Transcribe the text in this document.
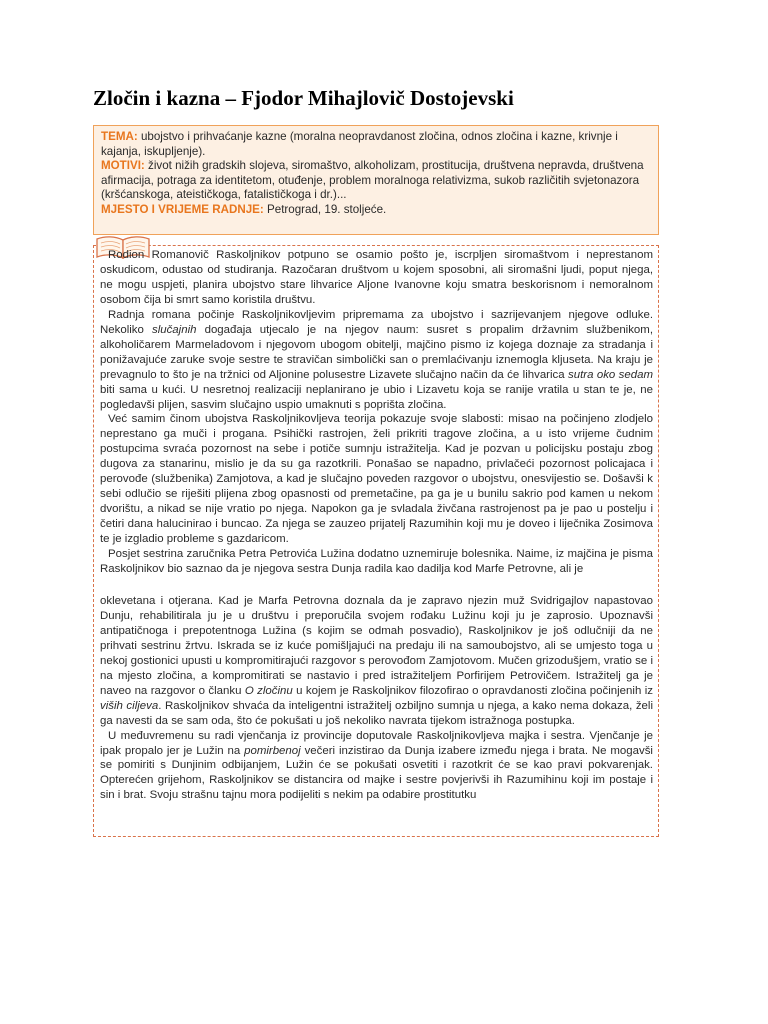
Zločin i kazna – Fjodor Mihajlovič Dostojevski

TEMA: ubojstvo i prihvaćanje kazne (moralna neopravdanost zločina, odnos zločina i kazne, krivnje i kajanja, iskupljenje).

MOTIVI: život nižih gradskih slojeva, siromaštvo, alkoholizam, prostitucija, društvena nepravda, društvena afirmacija, potraga za identitetom, otuđenje, problem moralnoga relativizma, sukob različitih svjetonazora (kršćanskoga, ateističkoga, fatalističkoga i dr.)...

MJESTO I VRIJEME RADNJE: Petrograd, 19. stoljeće.

Rodion Romanovič Raskoljnikov potpuno se osamio pošto je, iscrpljen siromaštvom i neprestanom oskudicom, odustao od studiranja. Razočaran društvom u kojem sposobni, ali siromašni ljudi, poput njega, ne mogu uspjeti, planira ubojstvo stare lihvarice Aljone Ivanovne koju smatra beskorisnom i nemoralnom osobom čija bi smrt samo koristila društvu.

Radnja romana počinje Raskoljnikovljevim pripremama za ubojstvo i sazrijevanjem njegove odluke. Nekoliko slučajnih događaja utjecalo je na njegov naum: susret s propalim državnim službenikom, alkoholičarem Marmeladovom i njegovom ubogom obitelji, majčino pismo iz kojega doznaje za stradanja i ponižavajuće zaruke svoje sestre te stravičan simbolički san o premlaćivanju iznemogla kljuseta. Na kraju je prevagnulo to što je na tržnici od Aljonine polusestre Lizavete slučajno način da će lihvarica sutra oko sedam biti sama u kući. U nesretnoj realizaciji neplanirano je ubio i Lizavetu koja se ranije vratila u stan te je, ne pogledavši plijen, sasvim slučajno uspio umaknuti s poprišta zločina.

Već samim činom ubojstva Raskoljnikovljeva teorija pokazuje svoje slabosti: misao na počinjeno zlodjelo neprestano ga muči i progana. Psihički rastrojen, želi prikriti tragove zločina, a u isto vrijeme čudnim postupcima svraća pozornost na sebe i potiče sumnju istražitelja. Kad je pozvan u policijsku postaju zbog dugova za stanarinu, mislio je da su ga razotkrili. Ponašao se napadno, privlačeći pozornost policajaca i perovođe (službenika) Zamjotova, a kad je slučajno poveden razgovor o ubojstvu, onesvijestio se. Došavši k sebi odlučio se riješiti plijena zbog opasnosti od premetačine, pa ga je u bunilu sakrio pod kamen u nekom dvorištu, a nikad se nije vratio po njega. Napokon ga je svladala živčana rastrojenost pa je pao u postelju i četiri dana halucinirao i buncao. Za njega se zauzeo prijatelj Razumihin koji mu je doveo i liječnika Zosimova te je izgladio probleme s gazdaricom.

Posjet sestrina zaručnika Petra Petrovića Lužina dodatno uznemiruje bolesnika. Naime, iz majčina je pisma Raskoljnikov bio saznao da je njegova sestra Dunja radila kao dadilja kod Marfe Petrovne, ali je

oklevetana i otjerana. Kad je Marfa Petrovna doznala da je zapravo njezin muž Svidrigajlov napastovao Dunju, rehabilitirala ju je u društvu i preporučila svojem rođaku Lužinu koji ju je zaprosio. Upoznavši antipatičnoga i prepotentnoga Lužina (s kojim se odmah posvadio), Raskoljnikov je još odlučniji da ne prihvati sestrinu žrtvu. Iskrada se iz kuće pomišljajući na predaju ili na samoubojstvo, ali se umjesto toga u nekoj gostionici upusti u kompromitirajući razgovor s perovođom Zamjotovom. Mučen grizodušjem, vratio se i na mjesto zločina, a kompromitirati se nastavio i pred istražiteljem Porfirijem Petrovičem. Istražitelj ga je naveo na razgovor o članku O zločinu u kojem je Raskoljnikov filozofirao o opravdanosti zločina počinjenih iz viših ciljeva. Raskoljnikov shvaća da inteligentni istražitelj ozbiljno sumnja u njega, a kako nema dokaza, želi ga navesti da se sam oda, što će pokušati u još nekoliko navrata tijekom istražnoga postupka.

U međuvremenu su radi vjenčanja iz provincije doputovale Raskoljnikovljeva majka i sestra. Vjenčanje je ipak propalo jer je Lužin na pomirbenoj večeri inzistirao da Dunja izabere između njega i brata. Ne mogavši se pomiriti s Dunjinim odbijanjem, Lužin će se pokušati osvetiti i razotkrit će se kao pravi pokvarenjak. Opterećen grijehom, Raskoljnikov se distancira od majke i sestre povjerivši ih Razumihinu koji im postaje i sin i brat. Svoju strašnu tajnu mora podijeliti s nekim pa odabire prostitutku
